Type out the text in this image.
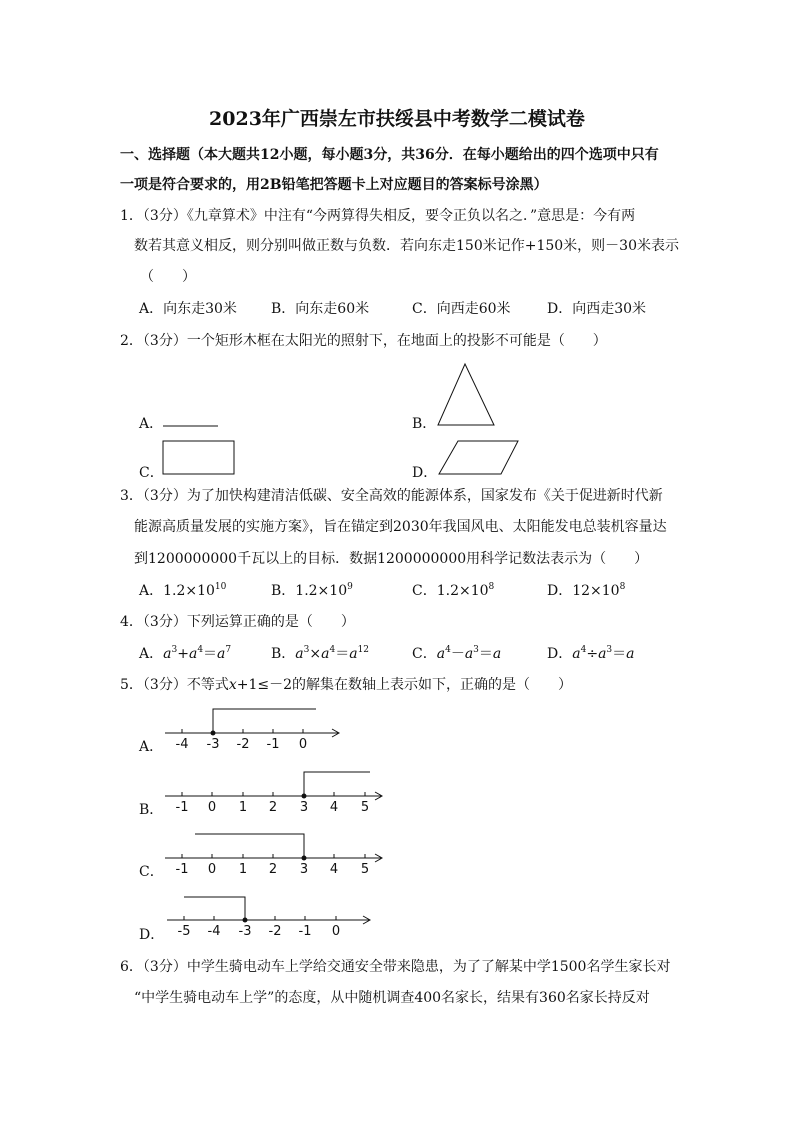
2023年广西崇左市扶绥县中考数学二模试卷
一、选择题（本大题共12小题，每小题3分，共36分．在每小题给出的四个选项中只有
一项是符合要求的，用2B铅笔把答题卡上对应题目的答案标号涂黑）
1．（3分）《九章算术》中注有“今两算得失相反，要令正负以名之．”意思是：今有两
数若其意义相反，则分别叫做正数与负数．若向东走150米记作+150米，则－30米表示
（　　）
A．向东走30米 B．向东走60米	C．向西走60米	D．向西走30米
2．（3分）一个矩形木框在太阳光的照射下，在地面上的投影不可能是（　　）
A．	B．
C．	D．
3．（3分）为了加快构建清洁低碳、安全高效的能源体系，国家发布《关于促进新时代新
能源高质量发展的实施方案》，旨在锚定到2030年我国风电、太阳能发电总装机容量达
到1200000000千瓦以上的目标．数据1200000000用科学记数法表示为（　　）
A．$1.2\times 10^{10}$	B．$1.2\times 10^9$	C．$1.2\times 10^8$	D．$12\times 10^8$
4．（3分）下列运算正确的是（　　）
A．$a^3+a^4=a^7$	B．$a^3\times a^4=a^{12}$	C．$a^4-a^3=a$	D．$a^4\div a^3=a$
5．（3分）不等式x+1≤－2的解集在数轴上表示如下，正确的是（　　）
A．
B．
C．
D．
-4 -3 -2 -1 0
-1 0 1 2 3 4 5
-1 0 1 2 3 4 5
-5 -4 -3 -2 -1 0
6．（3分）中学生骑电动车上学给交通安全带来隐患，为了了解某中学1500名学生家长对
“中学生骑电动车上学”的态度，从中随机调查400名家长，结果有360名家长持反对
